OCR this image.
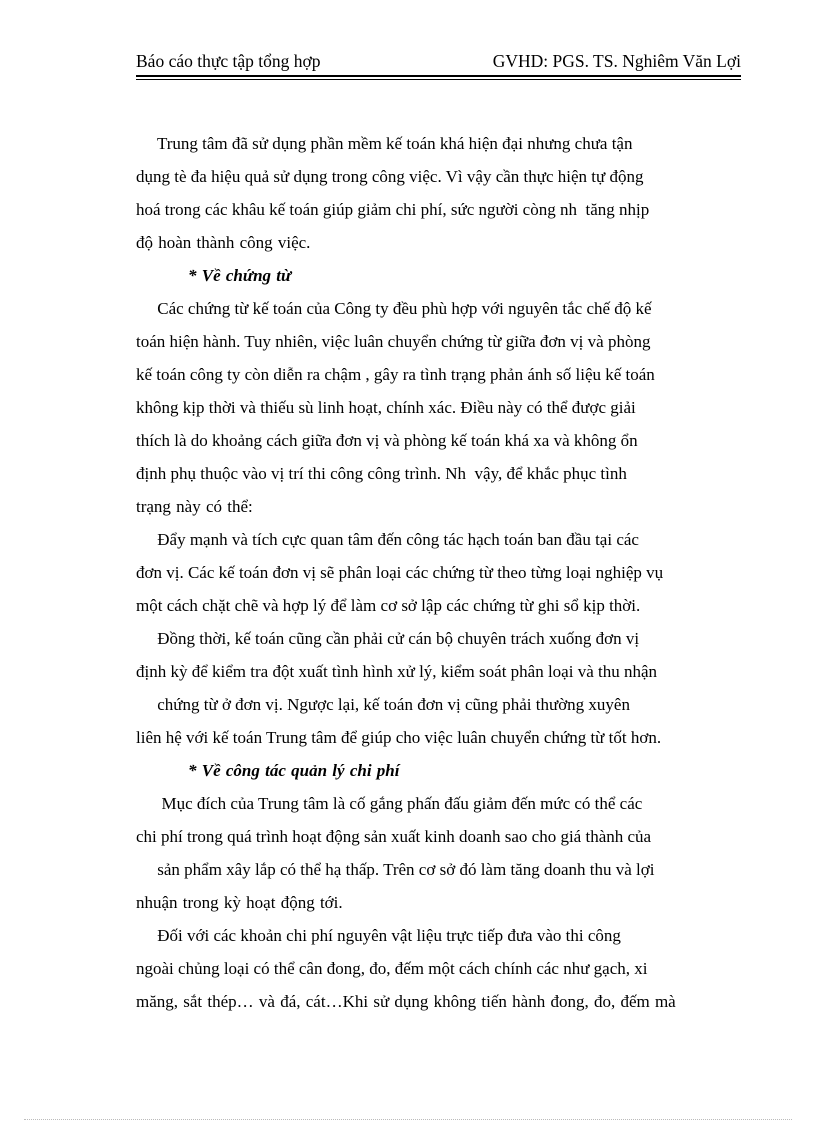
Báo cáo thực tập tổng hợp	GVHD: PGS. TS. Nghiêm Văn Lợi
Trung tâm đã sử dụng phần mềm kế toán khá hiện đại nhưng chưa tận
dụng tè đa hiệu quả sử dụng trong công việc. Vì vậy cần thực hiện tự động
hoá trong các khâu kế toán giúp giảm chi phí, sức người còng nh  tăng nhịp
độ hoàn thành công việc.
* Về chứng từ
Các chứng từ kế toán của Công ty đều phù hợp với nguyên tắc chế độ kế
toán hiện hành. Tuy nhiên, việc luân chuyển chứng từ giữa đơn vị và phòng
kế toán công ty còn diễn ra chậm , gây ra tình trạng phản ánh số liệu kế toán
không kịp thời và thiếu sù linh hoạt, chính xác. Điều này có thể được giải
thích là do khoảng cách giữa đơn vị và phòng kế toán khá xa và không ổn
định phụ thuộc vào vị trí thi công công trình. Nh  vậy, để khắc phục tình
trạng này có thể:
Đẩy mạnh và tích cực quan tâm đến công tác hạch toán ban đầu tại các
đơn vị. Các kế toán đơn vị sẽ phân loại các chứng từ theo từng loại nghiệp vụ
một cách chặt chẽ và hợp lý để làm cơ sở lập các chứng từ ghi sổ kịp thời.
Đồng thời, kế toán cũng cần phải cử cán bộ chuyên trách xuống đơn vị
định kỳ để kiểm tra đột xuất tình hình xử lý, kiểm soát phân loại và thu nhận
chứng từ ở đơn vị. Ngược lại, kế toán đơn vị cũng phải thường xuyên
liên hệ với kế toán Trung tâm để giúp cho việc luân chuyển chứng từ tốt hơn.
* Về công tác quản lý chi phí
Mục đích của Trung tâm là cố gắng phấn đấu giảm đến mức có thể các
chi phí trong quá trình hoạt động sản xuất kinh doanh sao cho giá thành của
sản phẩm xây lắp có thể hạ thấp. Trên cơ sở đó làm tăng doanh thu và lợi
nhuận trong kỳ hoạt động tới.
Đối với các khoản chi phí nguyên vật liệu trực tiếp đưa vào thi công
ngoài chủng loại có thể cân đong, đo, đếm một cách chính các như gạch, xi
măng, sắt thép… và đá, cát…Khi sử dụng không tiến hành đong, đo, đếm mà
